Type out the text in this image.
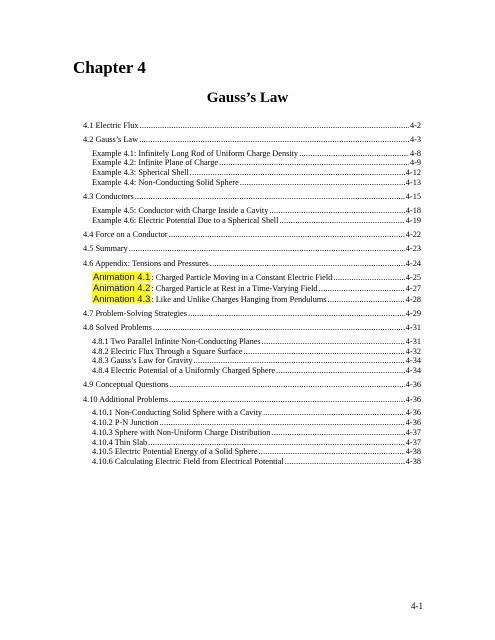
Chapter 4
Gauss’s Law
4.1 Electric Flux .....	4-2
4.2 Gauss’s Law .....	4-3
Example 4.1: Infinitely Long Rod of Uniform Charge Density .....	4-8
Example 4.2: Infinite Plane of Charge .....	4-9
Example 4.3: Spherical Shell .....	4-12
Example 4.4: Non-Conducting Solid Sphere .....	4-13
4.3 Conductors .....	4-15
Example 4.5: Conductor with Charge Inside a Cavity .....	4-18
Example 4.6: Electric Potential Due to a Spherical Shell .....	4-19
4.4 Force on a Conductor .....	4-22
4.5 Summary .....	4-23
4.6 Appendix: Tensions and Pressures .....	4-24
Animation 4.1 : Charged Particle Moving in a Constant Electric Field .....	4-25
Animation 4.2 : Charged Particle at Rest in a Time-Varying Field .....	4-27
Animation 4.3 : Like and Unlike Charges Hanging from Pendulums .....	4-28
4.7 Problem-Solving Strategies .....	4-29
4.8 Solved Problems .....	4-31
4.8.1 Two Parallel Infinite Non-Conducting Planes .....	4-31
4.8.2 Electric Flux Through a Square Surface .....	4-32
4.8.3 Gauss’s Law for Gravity .....	4-34
4.8.4 Electric Potential of a Uniformly Charged Sphere .....	4-34
4.9 Conceptual Questions .....	4-36
4.10 Additional Problems .....	4-36
4.10.1 Non-Conducting Solid Sphere with a Cavity .....	4-36
4.10.2 P-N Junction .....	4-36
4.10.3 Sphere with Non-Uniform Charge Distribution .....	4-37
4.10.4 Thin Slab .....	4-37
4.10.5 Electric Potential Energy of a Solid Sphere .....	4-38
4.10.6 Calculating Electric Field from Electrical Potential .....	4-38
4-1
